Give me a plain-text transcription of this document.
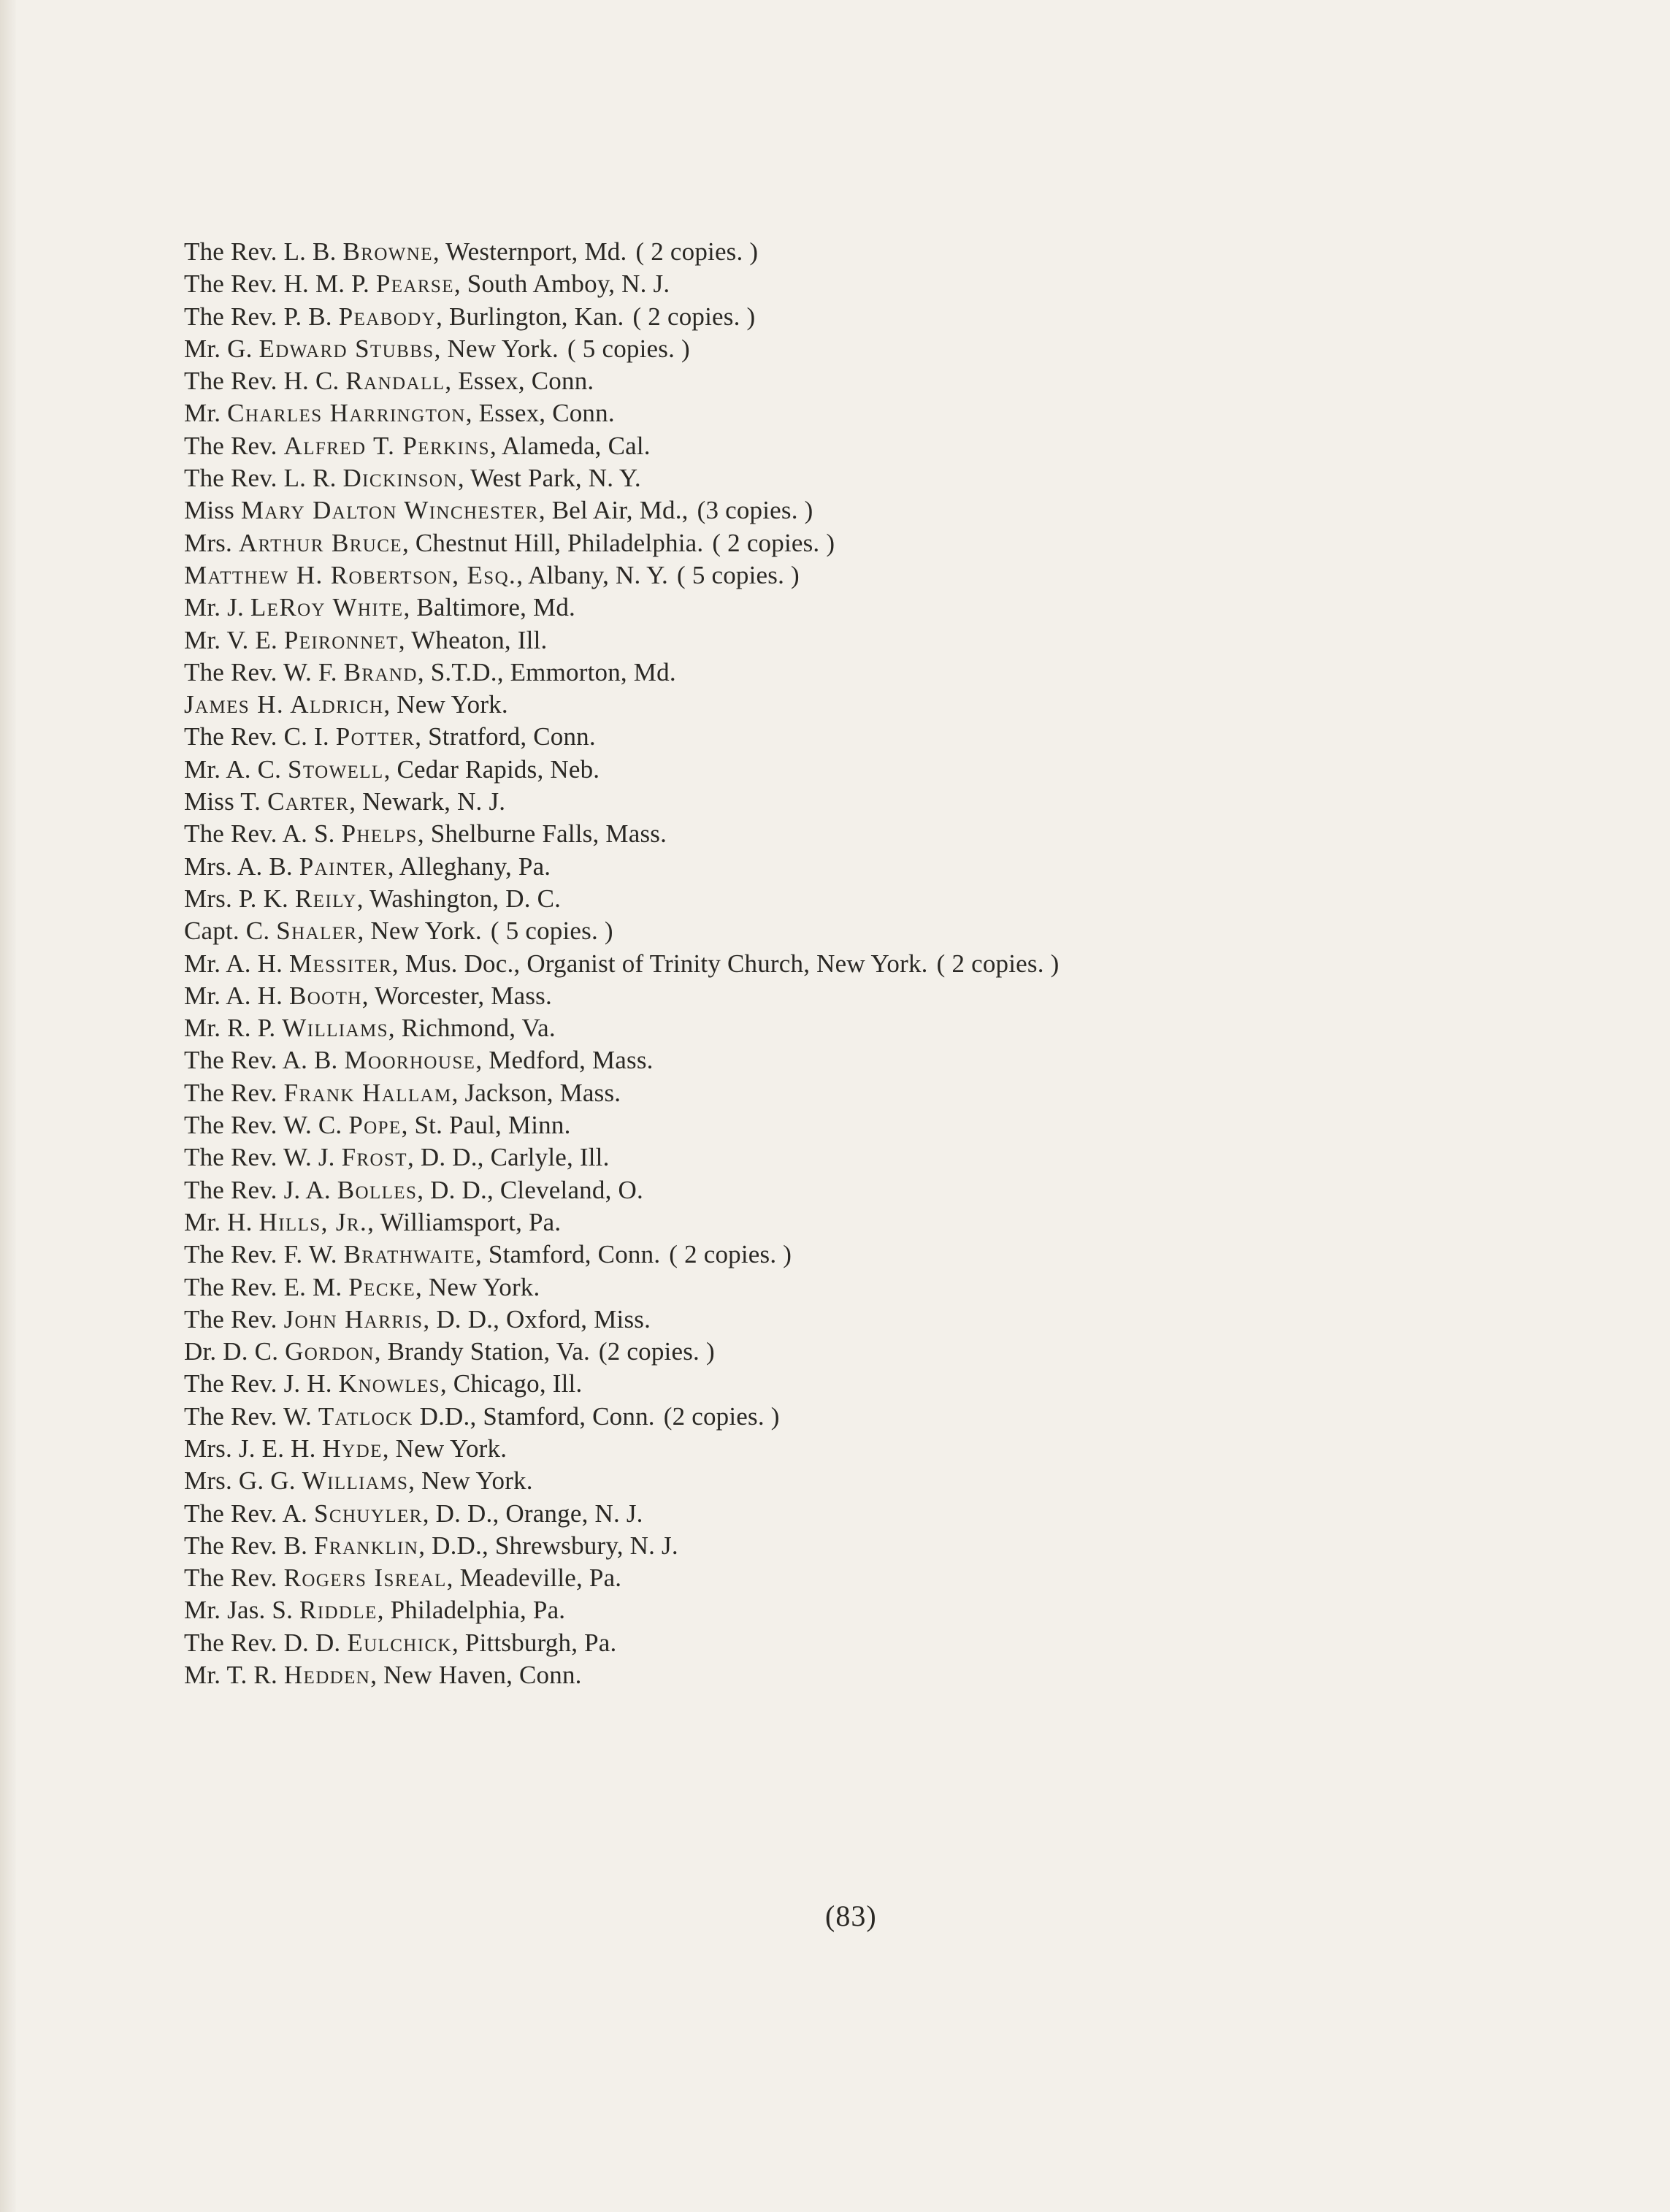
The Rev. L. B. Browne, Westernport, Md. ( 2 copies. )
The Rev. H. M. P. Pearse, South Amboy, N. J.
The Rev. P. B. Peabody, Burlington, Kan. ( 2 copies. )
Mr. G. Edward Stubbs, New York. ( 5 copies. )
The Rev. H. C. Randall, Essex, Conn.
Mr. Charles Harrington, Essex, Conn.
The Rev. Alfred T. Perkins, Alameda, Cal.
The Rev. L. R. Dickinson, West Park, N. Y.
Miss Mary Dalton Winchester, Bel Air, Md., (3 copies. )
Mrs. Arthur Bruce, Chestnut Hill, Philadelphia. ( 2 copies. )
Matthew H. Robertson, Esq., Albany, N. Y. ( 5 copies. )
Mr. J. LeRoy White, Baltimore, Md.
Mr. V. E. Peironnet, Wheaton, Ill.
The Rev. W. F. Brand, S.T.D., Emmorton, Md.
James H. Aldrich, New York.
The Rev. C. I. Potter, Stratford, Conn.
Mr. A. C. Stowell, Cedar Rapids, Neb.
Miss T. Carter, Newark, N. J.
The Rev. A. S. Phelps, Shelburne Falls, Mass.
Mrs. A. B. Painter, Alleghany, Pa.
Mrs. P. K. Reily, Washington, D. C.
Capt. C. Shaler, New York. ( 5 copies. )
Mr. A. H. Messiter, Mus. Doc., Organist of Trinity Church, New York. ( 2 copies. )
Mr. A. H. Booth, Worcester, Mass.
Mr. R. P. Williams, Richmond, Va.
The Rev. A. B. Moorhouse, Medford, Mass.
The Rev. Frank Hallam, Jackson, Mass.
The Rev. W. C. Pope, St. Paul, Minn.
The Rev. W. J. Frost, D. D., Carlyle, Ill.
The Rev. J. A. Bolles, D. D., Cleveland, O.
Mr. H. Hills, Jr., Williamsport, Pa.
The Rev. F. W. Brathwaite, Stamford, Conn. ( 2 copies. )
The Rev. E. M. Pecke, New York.
The Rev. John Harris, D. D., Oxford, Miss.
Dr. D. C. Gordon, Brandy Station, Va. (2 copies. )
The Rev. J. H. Knowles, Chicago, Ill.
The Rev. W. Tatlock D.D., Stamford, Conn. (2 copies. )
Mrs. J. E. H. Hyde, New York.
Mrs. G. G. Williams, New York.
The Rev. A. Schuyler, D. D., Orange, N. J.
The Rev. B. Franklin, D.D., Shrewsbury, N. J.
The Rev. Rogers Isreal, Meadeville, Pa.
Mr. Jas. S. Riddle, Philadelphia, Pa.
The Rev. D. D. Eulchick, Pittsburgh, Pa.
Mr. T. R. Hedden, New Haven, Conn.
(83)
